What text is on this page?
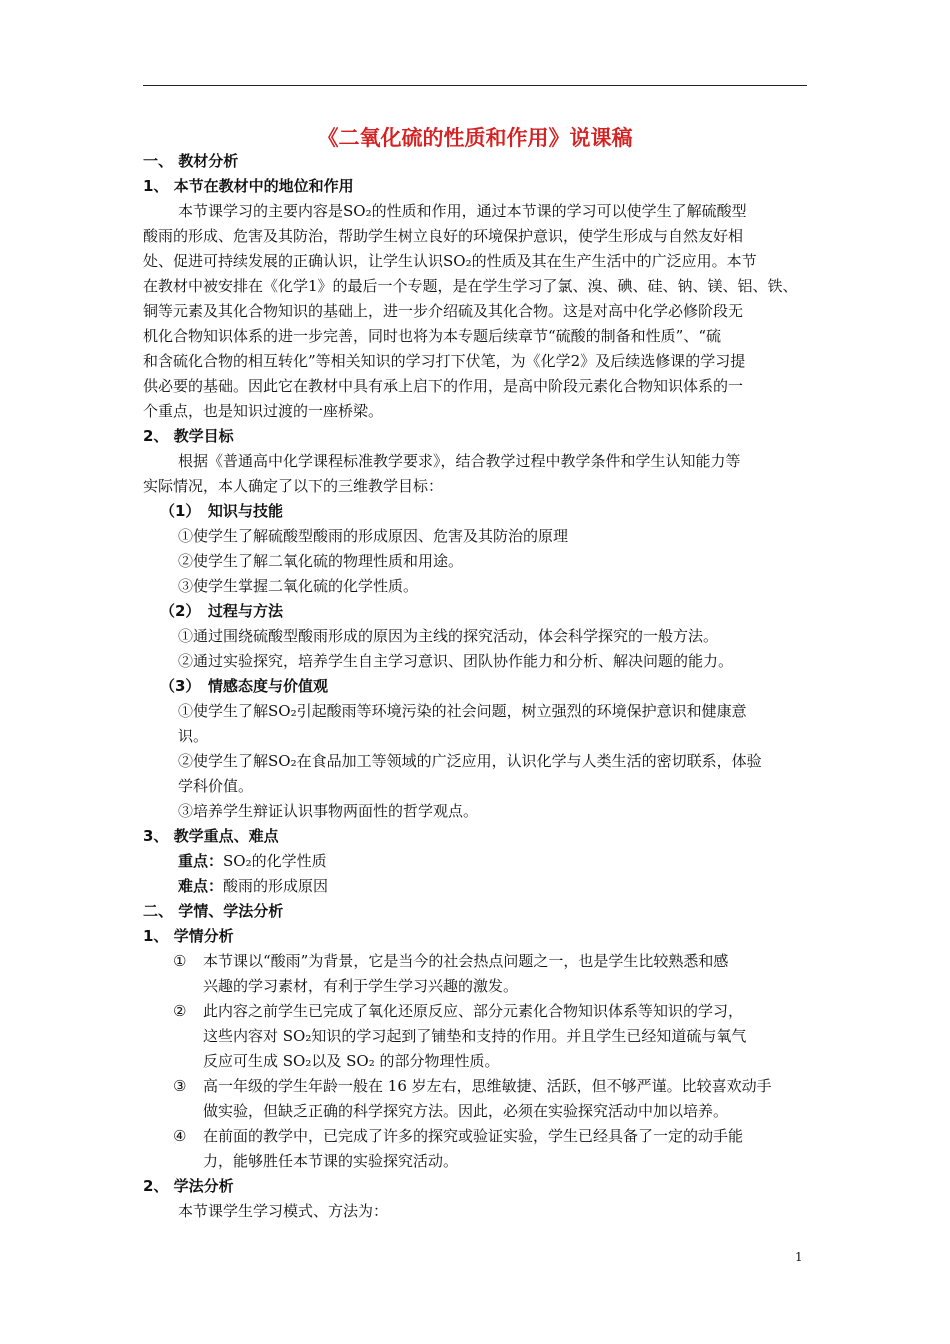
《二氧化硫的性质和作用》说课稿
一、 教材分析
1、 本节在教材中的地位和作用
本节课学习的主要内容是SO₂的性质和作用，通过本节课的学习可以使学生了解硫酸型
酸雨的形成、危害及其防治，帮助学生树立良好的环境保护意识，使学生形成与自然友好相
处、促进可持续发展的正确认识，让学生认识SO₂的性质及其在生产生活中的广泛应用。本节
在教材中被安排在《化学1》的最后一个专题，是在学生学习了氯、溴、碘、硅、钠、镁、铝、铁、
铜等元素及其化合物知识的基础上，进一步介绍硫及其化合物。这是对高中化学必修阶段无
机化合物知识体系的进一步完善，同时也将为本专题后续章节“硫酸的制备和性质”、“硫
和含硫化合物的相互转化”等相关知识的学习打下伏笔，为《化学2》及后续选修课的学习提
供必要的基础。因此它在教材中具有承上启下的作用，是高中阶段元素化合物知识体系的一
个重点，也是知识过渡的一座桥梁。
2、 教学目标
根据《普通高中化学课程标准教学要求》，结合教学过程中教学条件和学生认知能力等
实际情况，本人确定了以下的三维教学目标：
（1）　知识与技能
①使学生了解硫酸型酸雨的形成原因、危害及其防治的原理
②使学生了解二氧化硫的物理性质和用途。
③使学生掌握二氧化硫的化学性质。
（2）　过程与方法
①通过围绕硫酸型酸雨形成的原因为主线的探究活动，体会科学探究的一般方法。
②通过实验探究，培养学生自主学习意识、团队协作能力和分析、解决问题的能力。
（3）　情感态度与价值观
①使学生了解SO₂引起酸雨等环境污染的社会问题，树立强烈的环境保护意识和健康意
识。
②使学生了解SO₂在食品加工等领域的广泛应用，认识化学与人类生活的密切联系，体验
学科价值。
③培养学生辩证认识事物两面性的哲学观点。
3、 教学重点、难点
重点：SO₂的化学性质
难点：酸雨的形成原因
二、 学情、学法分析
1、 学情分析
① 本节课以“酸雨”为背景，它是当今的社会热点问题之一，也是学生比较熟悉和感
兴趣的学习素材，有利于学生学习兴趣的激发。
② 此内容之前学生已完成了氧化还原反应、部分元素化合物知识体系等知识的学习，
这些内容对 SO₂知识的学习起到了铺垫和支持的作用。并且学生已经知道硫与氧气
反应可生成 SO₂以及 SO₂ 的部分物理性质。
③ 高一年级的学生年龄一般在 16 岁左右，思维敏捷、活跃，但不够严谨。比较喜欢动手
做实验，但缺乏正确的科学探究方法。因此，必须在实验探究活动中加以培养。
④ 在前面的教学中，已完成了许多的探究或验证实验，学生已经具备了一定的动手能
力，能够胜任本节课的实验探究活动。
2、 学法分析
本节课学生学习模式、方法为：
1
